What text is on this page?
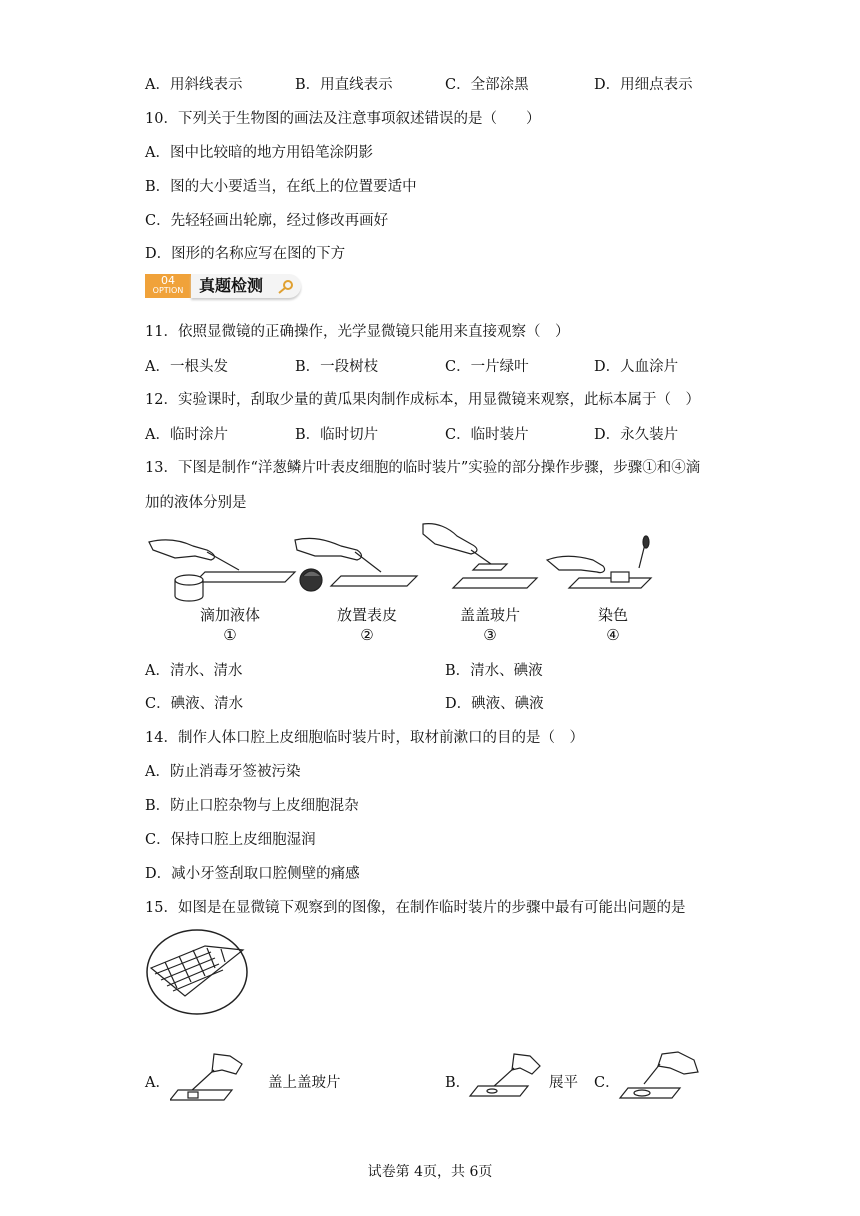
A．用斜线表示	B．用直线表示	C．全部涂黑	D．用细点表示
10．下列关于生物图的画法及注意事项叙述错误的是（　　）
A．图中比较暗的地方用铅笔涂阴影
B．图的大小要适当，在纸上的位置要适中
C．先轻轻画出轮廓，经过修改再画好
D．图形的名称应写在图的下方
04
OPTION 真题检测
11．依照显微镜的正确操作，光学显微镜只能用来直接观察（　）
A．一根头发	B．一段树枝	C．一片绿叶	D．人血涂片
12．实验课时，刮取少量的黄瓜果肉制作成标本，用显微镜来观察，此标本属于（　）
A．临时涂片	B．临时切片	C．临时装片	D．永久装片
13．下图是制作“洋葱鳞片叶表皮细胞的临时装片”实验的部分操作步骤，步骤①和④滴
加的液体分别是
滴加液体
①
放置表皮
②
盖盖玻片
③
染色
④
A．清水、清水	B．清水、碘液
C．碘液、清水	D．碘液、碘液
14．制作人体口腔上皮细胞临时装片时，取材前漱口的目的是（　）
A．防止消毒牙签被污染
B．防止口腔杂物与上皮细胞混杂
C．保持口腔上皮细胞湿润
D．减小牙签刮取口腔侧壁的痛感
15．如图是在显微镜下观察到的图像，在制作临时装片的步骤中最有可能出问题的是
A．	盖上盖玻片	B．	展平 C．
试卷第 4页，共 6页
